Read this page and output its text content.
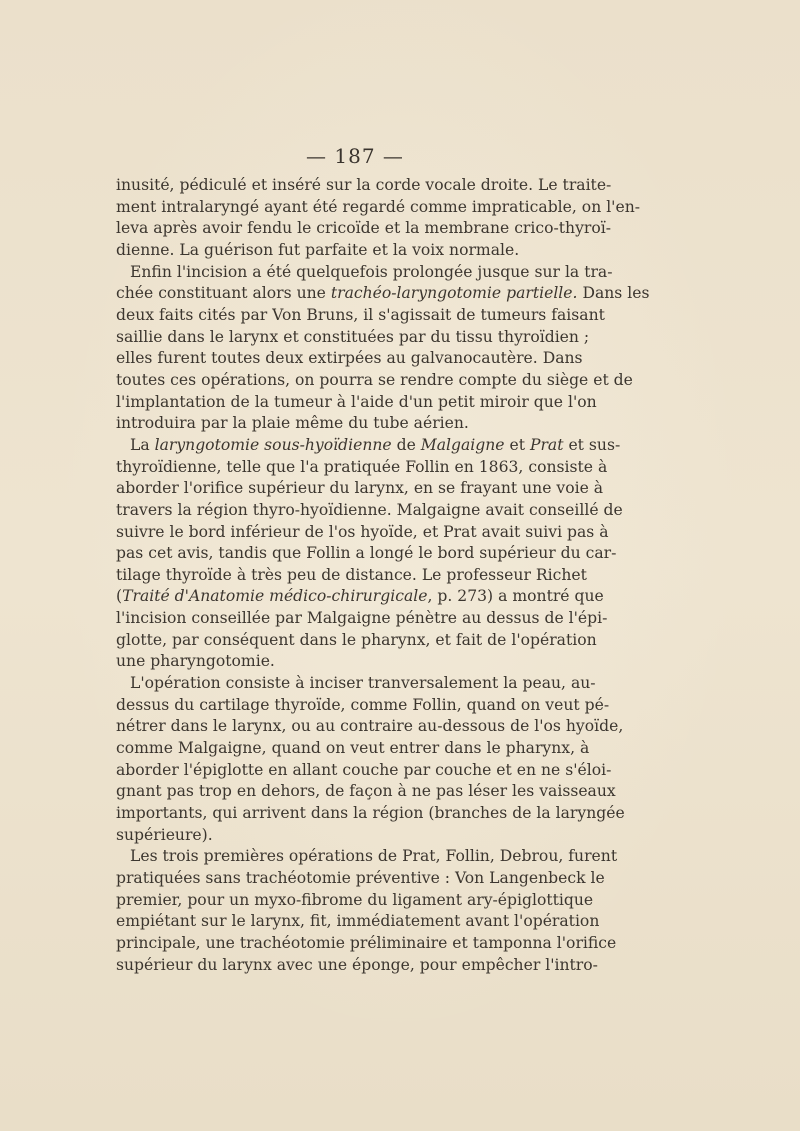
— 187 —

inusité, pédiculé et inséré sur la corde vocale droite. Le traite-
ment intralaryngé ayant été regardé comme impraticable, on l'en-
leva après avoir fendu le cricoïde et la membrane crico-thyroï-
dienne. La guérison fut parfaite et la voix normale.

Enfin l'incision a été quelquefois prolongée jusque sur la tra-
chée constituant alors une trachéo-laryngotomie partielle. Dans les
deux faits cités par Von Bruns, il s'agissait de tumeurs faisant
saillie dans le larynx et constituées par du tissu thyroïdien ;
elles furent toutes deux extirpées au galvanocautère. Dans
toutes ces opérations, on pourra se rendre compte du siège et de
l'implantation de la tumeur à l'aide d'un petit miroir que l'on
introduira par la plaie même du tube aérien.

La laryngotomie sous-hyoïdienne de Malgaigne et Prat et sus-
thyroïdienne, telle que l'a pratiquée Follin en 1863, consiste à
aborder l'orifice supérieur du larynx, en se frayant une voie à
travers la région thyro-hyoïdienne. Malgaigne avait conseillé de
suivre le bord inférieur de l'os hyoïde, et Prat avait suivi pas à
pas cet avis, tandis que Follin a longé le bord supérieur du car-
tilage thyroïde à très peu de distance. Le professeur Richet
(Traité d'Anatomie médico-chirurgicale, p. 273) a montré que
l'incision conseillée par Malgaigne pénètre au dessus de l'épi-
glotte, par conséquent dans le pharynx, et fait de l'opération
une pharyngotomie.

L'opération consiste à inciser tranversalement la peau, au-
dessus du cartilage thyroïde, comme Follin, quand on veut pé-
nétrer dans le larynx, ou au contraire au-dessous de l'os hyoïde,
comme Malgaigne, quand on veut entrer dans le pharynx, à
aborder l'épiglotte en allant couche par couche et en ne s'éloi-
gnant pas trop en dehors, de façon à ne pas léser les vaisseaux
importants, qui arrivent dans la région (branches de la laryngée
supérieure).

Les trois premières opérations de Prat, Follin, Debrou, furent
pratiquées sans trachéotomie préventive : Von Langenbeck le
premier, pour un myxo-fibrome du ligament ary-épiglottique
empiétant sur le larynx, fit, immédiatement avant l'opération
principale, une trachéotomie préliminaire et tamponna l'orifice
supérieur du larynx avec une éponge, pour empêcher l'intro-
